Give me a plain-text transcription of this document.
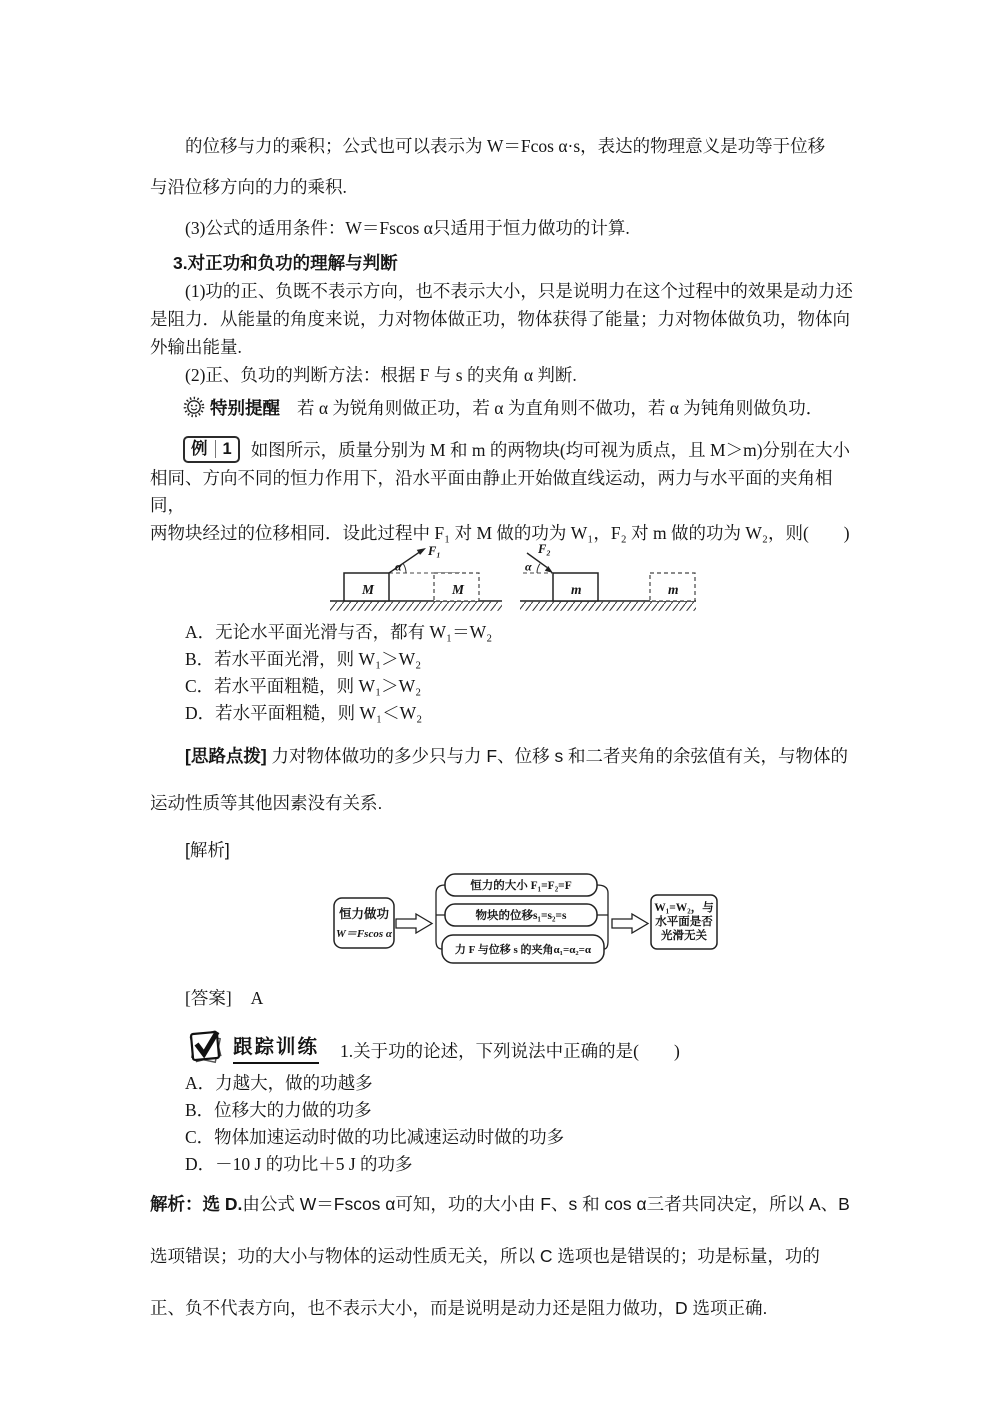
的位移与力的乘积；公式也可以表示为 W＝Fcos α·s，表达的物理意义是功等于位移
与沿位移方向的力的乘积.
(3)公式的适用条件：W＝Fscos α只适用于恒力做功的计算.
3.对正功和负功的理解与判断
(1)功的正、负既不表示方向，也不表示大小，只是说明力在这个过程中的效果是动力还
是阻力．从能量的角度来说，力对物体做正功，物体获得了能量；力对物体做负功，物体向
外输出能量.
(2)正、负功的判断方法：根据 F 与 s 的夹角 α 判断.
特别提醒 若 α 为锐角则做正功，若 α 为直角则不做功，若 α 为钝角则做负功．
例 1 如图所示，质量分别为 M 和 m 的两物块(均可视为质点，且 M＞m)分别在大小
相同、方向不同的恒力作用下，沿水平面由静止开始做直线运动，两力与水平面的夹角相同，
两物块经过的位移相同．设此过程中 F₁ 对 M 做的功为 W₁，F₂ 对 m 做的功为 W₂，则(　　)
M
F₁
α
M	m
F₂
α
m
A．无论水平面光滑与否，都有 W₁＝W₂
B．若水平面光滑，则 W₁＞W₂
C．若水平面粗糙，则 W₁＞W₂
D．若水平面粗糙，则 W₁＜W₂
[思路点拨] 力对物体做功的多少只与力 F、位移 s 和二者夹角的余弦值有关，与物体的运动性质等其他因素没有关系.
[解析]
恒力做功
W＝Fscos α
恒力的大小 F₁=F₂=F
物块的位移s₁=s₂=s
力 F 与位移 s 的夹角α₁=α₂=α
W₁=W₂，与
水平面是否
光滑无关
[答案] A
跟踪训练 1.关于功的论述，下列说法中正确的是(　　)
A．力越大，做的功越多
B．位移大的力做的功多
C．物体加速运动时做的功比减速运动时做的功多
D．－10 J 的功比＋5 J 的功多
解析：选 D.由公式 W＝Fscos α可知，功的大小由 F、s 和 cos α三者共同决定，所以 A、B 选项错误；功的大小与物体的运动性质无关，所以 C 选项也是错误的；功是标量，功的正、负不代表方向，也不表示大小，而是说明是动力还是阻力做功，D 选项正确.
